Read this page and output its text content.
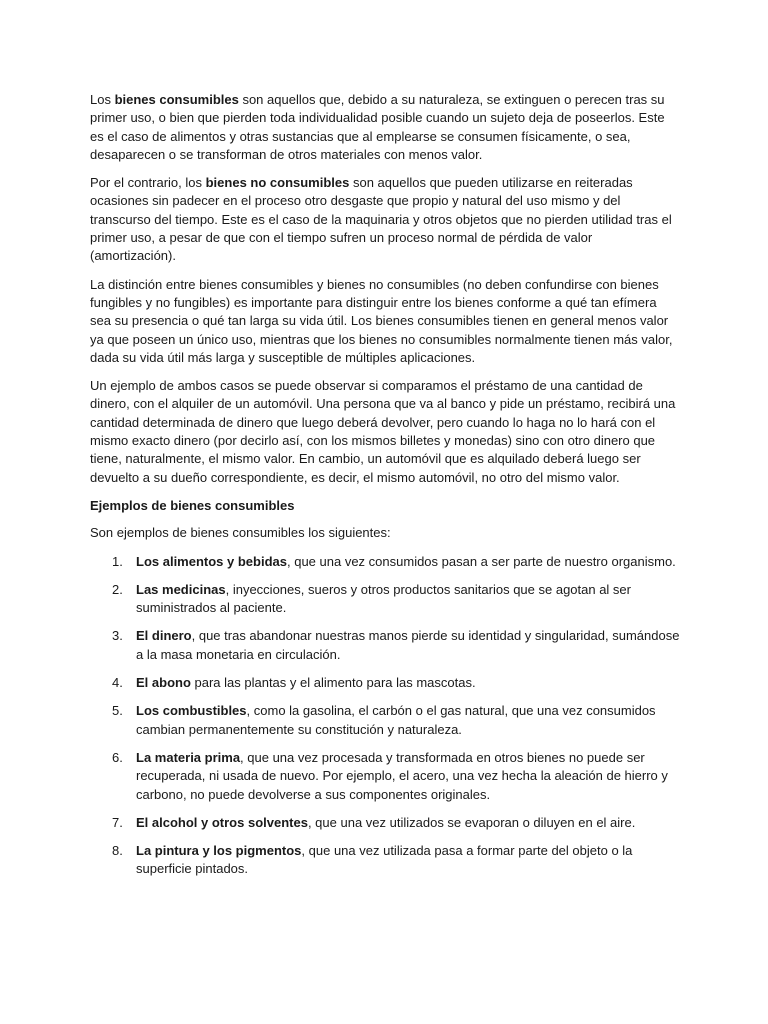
Los bienes consumibles son aquellos que, debido a su naturaleza, se extinguen o perecen tras su primer uso, o bien que pierden toda individualidad posible cuando un sujeto deja de poseerlos. Este es el caso de alimentos y otras sustancias que al emplearse se consumen físicamente, o sea, desaparecen o se transforman de otros materiales con menos valor.

Por el contrario, los bienes no consumibles son aquellos que pueden utilizarse en reiteradas ocasiones sin padecer en el proceso otro desgaste que propio y natural del uso mismo y del transcurso del tiempo. Este es el caso de la maquinaria y otros objetos que no pierden utilidad tras el primer uso, a pesar de que con el tiempo sufren un proceso normal de pérdida de valor (amortización).

La distinción entre bienes consumibles y bienes no consumibles (no deben confundirse con bienes fungibles y no fungibles) es importante para distinguir entre los bienes conforme a qué tan efímera sea su presencia o qué tan larga su vida útil. Los bienes consumibles tienen en general menos valor ya que poseen un único uso, mientras que los bienes no consumibles normalmente tienen más valor, dada su vida útil más larga y susceptible de múltiples aplicaciones.

Un ejemplo de ambos casos se puede observar si comparamos el préstamo de una cantidad de dinero, con el alquiler de un automóvil. Una persona que va al banco y pide un préstamo, recibirá una cantidad determinada de dinero que luego deberá devolver, pero cuando lo haga no lo hará con el mismo exacto dinero (por decirlo así, con los mismos billetes y monedas) sino con otro dinero que tiene, naturalmente, el mismo valor. En cambio, un automóvil que es alquilado deberá luego ser devuelto a su dueño correspondiente, es decir, el mismo automóvil, no otro del mismo valor.

Ejemplos de bienes consumibles

Son ejemplos de bienes consumibles los siguientes:

1.	Los alimentos y bebidas, que una vez consumidos pasan a ser parte de nuestro organismo.
2.	Las medicinas, inyecciones, sueros y otros productos sanitarios que se agotan al ser suministrados al paciente.
3.	El dinero, que tras abandonar nuestras manos pierde su identidad y singularidad, sumándose a la masa monetaria en circulación.
4.	El abono para las plantas y el alimento para las mascotas.
5.	Los combustibles, como la gasolina, el carbón o el gas natural, que una vez consumidos cambian permanentemente su constitución y naturaleza.
6.	La materia prima, que una vez procesada y transformada en otros bienes no puede ser recuperada, ni usada de nuevo. Por ejemplo, el acero, una vez hecha la aleación de hierro y carbono, no puede devolverse a sus componentes originales.
7.	El alcohol y otros solventes, que una vez utilizados se evaporan o diluyen en el aire.
8.	La pintura y los pigmentos, que una vez utilizada pasa a formar parte del objeto o la superficie pintados.
